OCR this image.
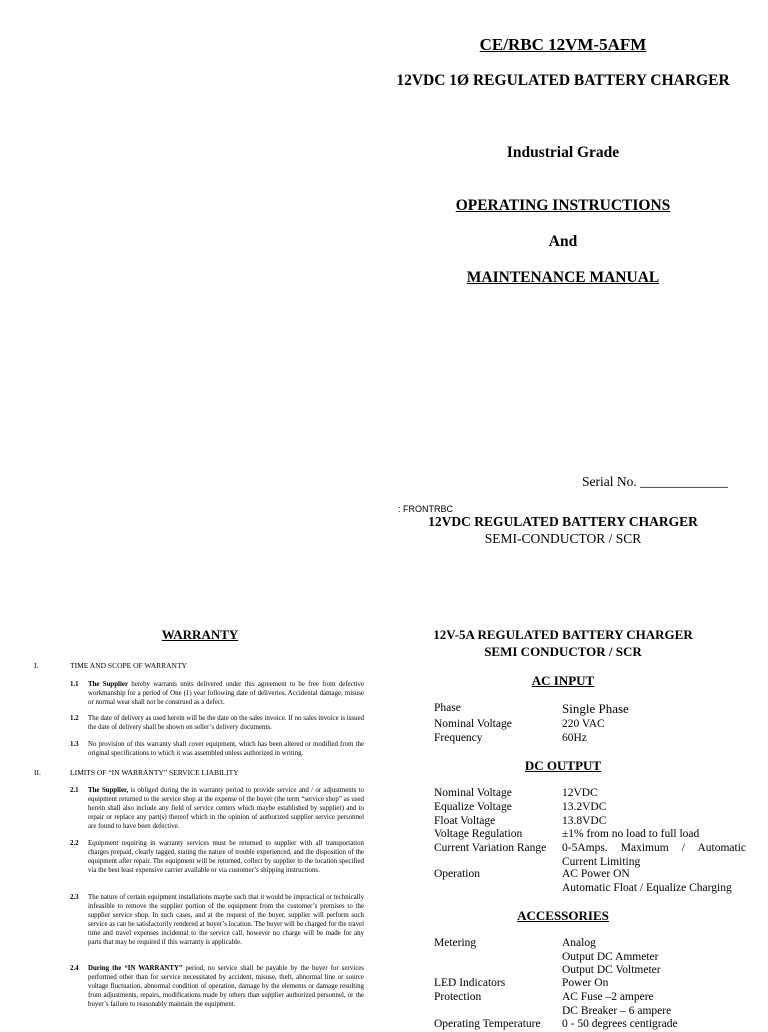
CE/RBC 12VM-5AFM
12VDC 1Ø REGULATED BATTERY CHARGER
Industrial Grade
OPERATING INSTRUCTIONS
And
MAINTENANCE MANUAL
Serial No. _____________
: FRONTRBC
12VDC REGULATED BATTERY CHARGER
SEMI-CONDUCTOR / SCR
WARRANTY
I.	TIME AND SCOPE OF WARRANTY
1.1 The Supplier hereby warrants units delivered under this agreement to be free from defective workmanship for a period of One (1) year following date of deliveries. Accidental damage, misuse or normal wear shall not be construed as a defect.
1.2 The date of delivery as used herein will be the date on the sales invoice. If no sales invoice is issued the date of delivery shall be shown on seller’s delivery documents.
1.3 No provision of this warranty shall cover equipment, which has been altered or modified from the original specifications to which it was assembled unless authorized in writing.
II.	LIMITS OF “IN WARRANTY” SERVICE LIABILITY
2.1 The Supplier, is obliged during the in warranty period to provide service and / or adjustments to equipment returned to the service shop at the expense of the buyer (the term “service shop” as used herein shall also include any field of service centers which maybe established by supplier) and to repair or replace any part(s) thereof which in the opinion of authorized supplier service personnel are found to have been defective.
2.2 Equipment requiring in warranty services must be returned to supplier with all transportation charges prepaid, clearly tagged, stating the nature of trouble experienced, and the disposition of the equipment after repair. The equipment will be returned, collect by supplier to the location specified via the best least expensive carrier available or via customer’s shipping instructions.
2.3 The nature of certain equipment installations maybe such that it would be impractical or technically infeasible to remove the supplier portion of the equipment from the customer’s premises to the supplier service shop. In such cases, and at the request of the buyer, supplier will perform such service as can be satisfactorily rendered at buyer’s location. The buyer will be charged for the travel time and travel expenses incidental to the service call, however no charge will be made for any parts that may be required if this warranty is applicable.
2.4 During the “IN WARRANTY” period, no service shall be payable by the buyer for services performed other than for service necessitated by accident, misuse, theft, abnormal line or source voltage fluctuation, abnormal condition of operation, damage by the elements or damage resulting from adjustments, repairs, modifications made by others than supplier authorized personnel, or the buyer’s failure to reasonably maintain the equipment.
12V-5A REGULATED BATTERY CHARGER
SEMI CONDUCTOR / SCR
AC INPUT
Phase	Single Phase
Nominal Voltage	220 VAC
Frequency	60Hz
DC OUTPUT
Nominal Voltage	12VDC
Equalize Voltage	13.2VDC
Float Voltage	13.8VDC
Voltage Regulation	±1% from no load to full load
Current Variation Range 0-5Amps. Maximum / Automatic
Current Limiting
Operation	AC Power ON
Automatic Float / Equalize Charging
ACCESSORIES
Metering	Analog
Output DC Ammeter
Output DC Voltmeter
LED Indicators	Power On
Protection	AC Fuse –2 ampere
DC Breaker – 6 ampere
Operating Temperature 0 - 50 degrees centigrade
